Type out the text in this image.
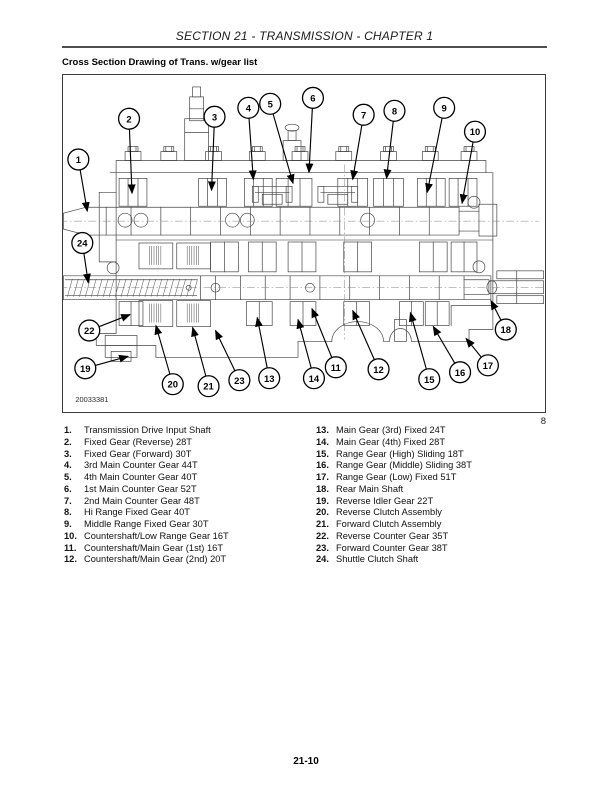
SECTION 21 - TRANSMISSION - CHAPTER 1
Cross Section Drawing of Trans. w/gear list
1
2	3
4 5
6
7	8	9
10
11	12
13	14	15
16
17
18
19
20	21
22
23
24
20033381
8
1.	Transmission Drive Input Shaft
2.	Fixed Gear (Reverse) 28T
3.	Fixed Gear (Forward) 30T
4.	3rd Main Counter Gear 44T
5.	4th Main Counter Gear 40T
6.	1st Main Counter Gear 52T
7.	2nd Main Counter Gear 48T
8.	Hi Range Fixed Gear 40T
9.	Middle Range Fixed Gear 30T
10. Countershaft/Low Range Gear 16T
11. Countershaft/Main Gear (1st) 16T
12. Countershaft/Main Gear (2nd) 20T
13. Main Gear (3rd) Fixed 24T
14. Main Gear (4th) Fixed 28T
15. Range Gear (High) Sliding 18T
16. Range Gear (Middle) Sliding 38T
17. Range Gear (Low) Fixed 51T
18. Rear Main Shaft
19. Reverse Idler Gear 22T
20. Reverse Clutch Assembly
21. Forward Clutch Assembly
22. Reverse Counter Gear 35T
23. Forward Counter Gear 38T
24. Shuttle Clutch Shaft
21-10
